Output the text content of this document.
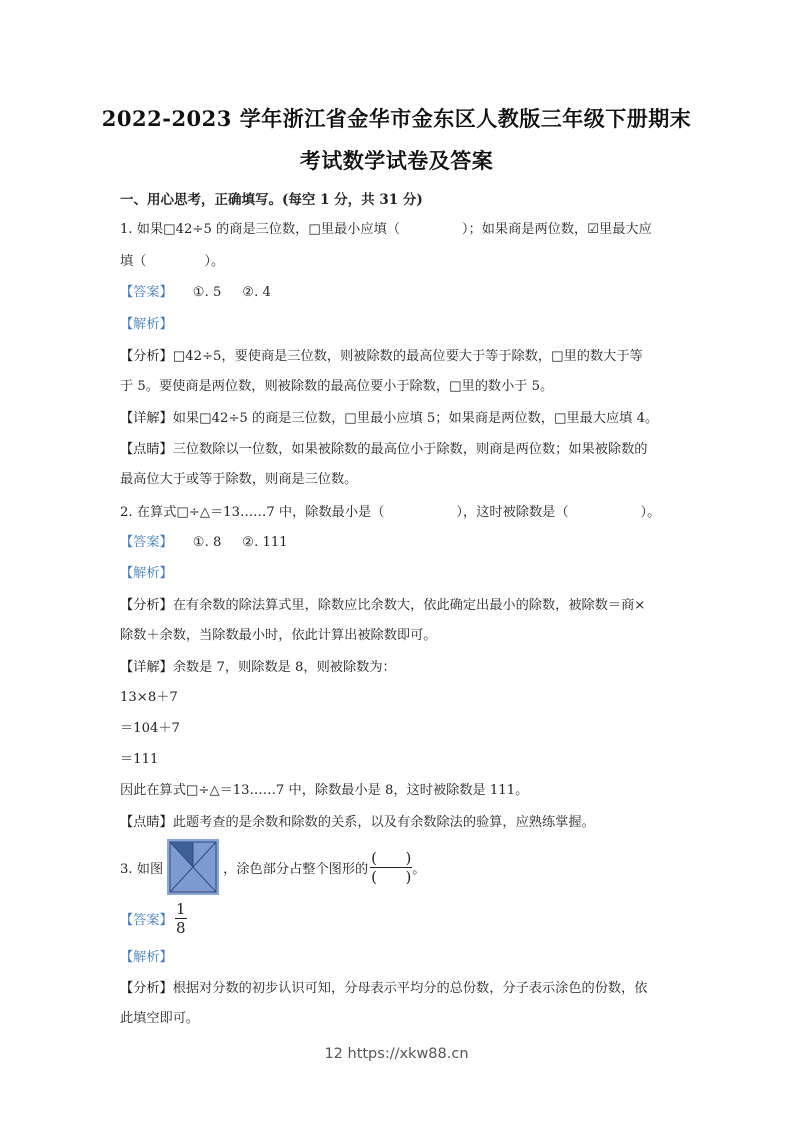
2022-2023 学年浙江省金华市金东区人教版三年级下册期末
考试数学试卷及答案
一、用心思考，正确填写。(每空 1 分，共 31 分)
1. 如果□42÷5 的商是三位数，□里最小应填（	）；如果商是两位数，☑里最大应
填（	）。
【答案】 ①. 5     ②. 4
【解析】
【分析】□42÷5，要使商是三位数，则被除数的最高位要大于等于除数，□里的数大于等
于 5。要使商是两位数，则被除数的最高位要小于除数，□里的数小于 5。
【详解】如果□42÷5 的商是三位数，□里最小应填 5；如果商是两位数，□里最大应填 4。
【点睛】三位数除以一位数，如果被除数的最高位小于除数，则商是两位数；如果被除数的
最高位大于或等于除数，则商是三位数。
2. 在算式□÷△＝13……7 中，除数最小是（	），这时被除数是（	）。
【答案】 ①. 8     ②. 111
【解析】
【分析】在有余数的除法算式里，除数应比余数大，依此确定出最小的除数，被除数＝商×
除数＋余数，当除数最小时，依此计算出被除数即可。
【详解】余数是 7，则除数是 8，则被除数为：
13×8＋7
＝104＋7
＝111
因此在算式□÷△＝13……7 中，除数最小是 8，这时被除数是 111。
【点睛】此题考查的是余数和除数的关系，以及有余数除法的验算，应熟练掌握。
3. 如图	，涂色部分占整个图形的 $\frac{( )}{( )}$ 。
【答案】 $\frac{1}{8}$
【解析】
【分析】根据对分数的初步认识可知，分母表示平均分的总份数，分子表示涂色的份数，依
此填空即可。
12 https://xkw88.cn
